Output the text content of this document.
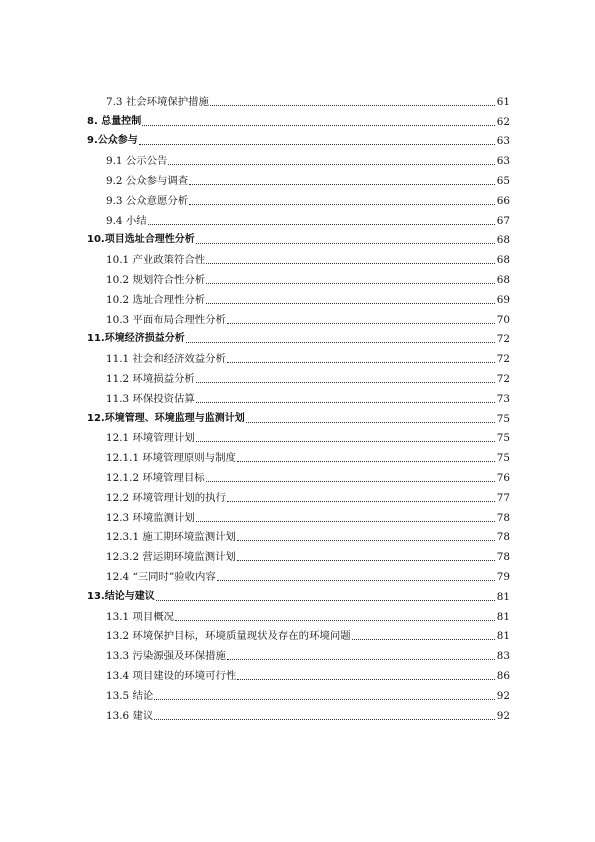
7.3 社会环境保护措施	61
8. 总量控制	62
9.公众参与	63
9.1 公示公告	63
9.2 公众参与调查	65
9.3 公众意愿分析	66
9.4 小结	67
10.项目选址合理性分析	68
10.1 产业政策符合性	68
10.2 规划符合性分析	68
10.2 选址合理性分析	69
10.3 平面布局合理性分析	70
11.环境经济损益分析	72
11.1 社会和经济效益分析	72
11.2 环境损益分析	72
11.3 环保投资估算	73
12.环境管理、环境监理与监测计划	75
12.1 环境管理计划	75
12.1.1 环境管理原则与制度	75
12.1.2 环境管理目标	76
12.2 环境管理计划的执行	77
12.3 环境监测计划	78
12.3.1 施工期环境监测计划	78
12.3.2 营运期环境监测计划	78
12.4 “三同时”验收内容	79
13.结论与建议	81
13.1 项目概况	81
13.2 环境保护目标，环境质量现状及存在的环境问题	81
13.3 污染源强及环保措施	83
13.4 项目建设的环境可行性	86
13.5 结论	92
13.6 建议	92
